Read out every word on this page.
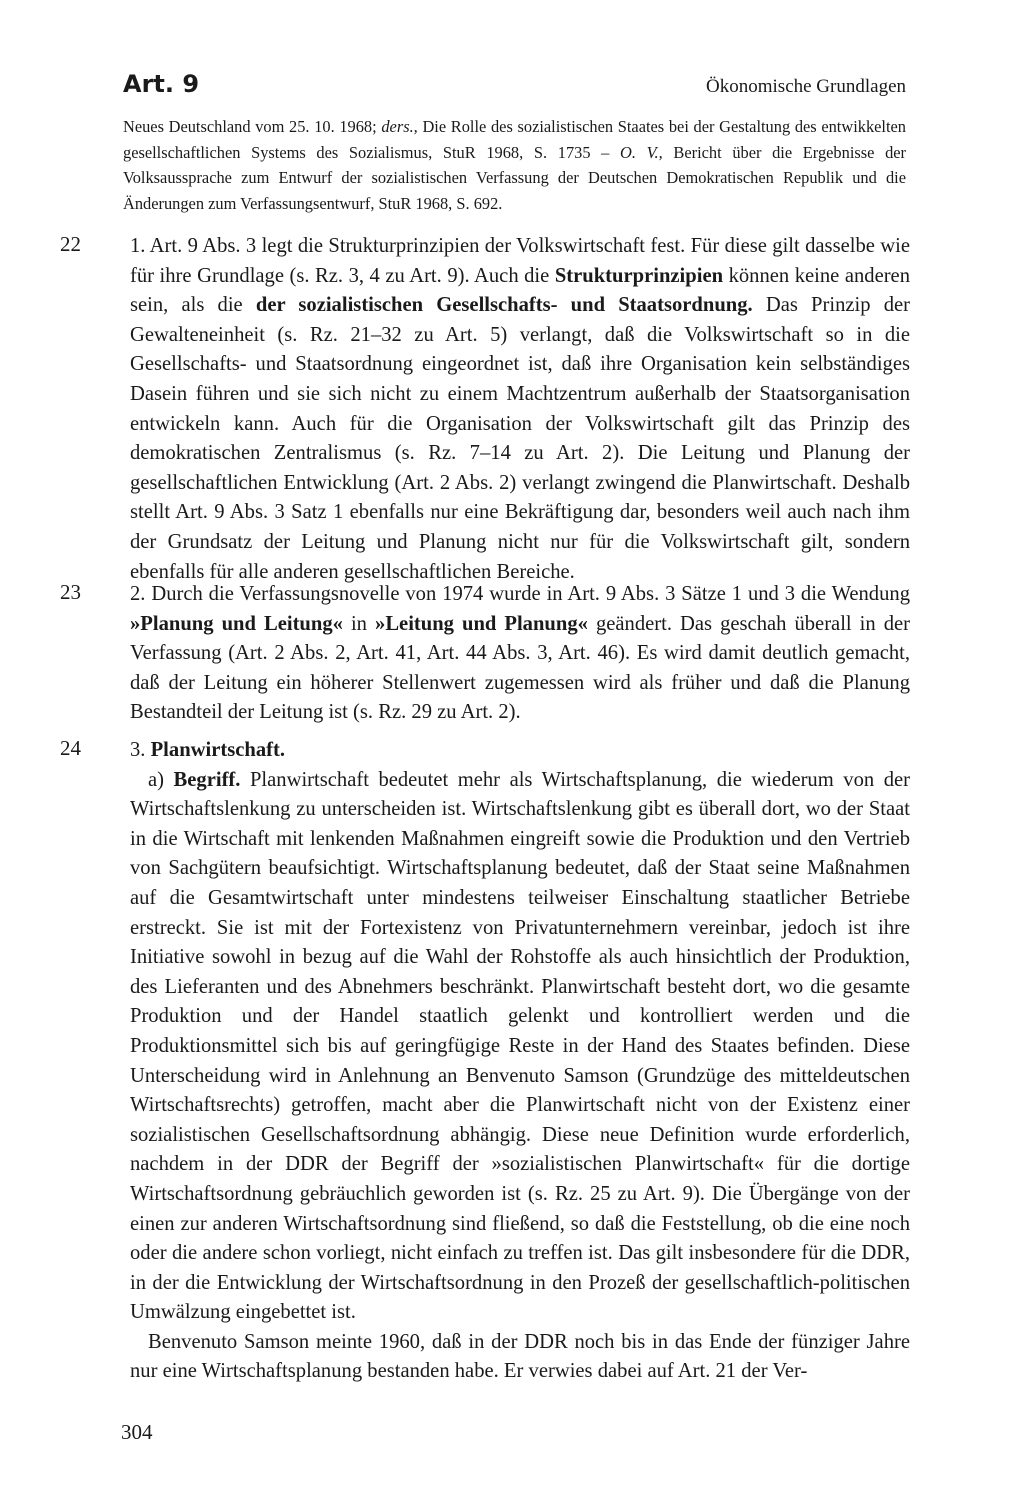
Art. 9	Ökonomische Grundlagen
Neues Deutschland vom 25. 10. 1968; ders., Die Rolle des sozialistischen Staates bei der Gestaltung des entwikkelten gesellschaftlichen Systems des Sozialismus, StuR 1968, S. 1735 – O. V., Bericht über die Ergebnisse der Volksaussprache zum Entwurf der sozialistischen Verfassung der Deutschen Demokratischen Republik und die Änderungen zum Verfassungsentwurf, StuR 1968, S. 692.
22 1. Art. 9 Abs. 3 legt die Strukturprinzipien der Volkswirtschaft fest. Für diese gilt dasselbe wie für ihre Grundlage (s. Rz. 3, 4 zu Art. 9). Auch die Strukturprinzipien können keine anderen sein, als die der sozialistischen Gesellschafts- und Staatsordnung. Das Prinzip der Gewalteneinheit (s. Rz. 21–32 zu Art. 5) verlangt, daß die Volkswirtschaft so in die Gesellschafts- und Staatsordnung eingeordnet ist, daß ihre Organisation kein selbständiges Dasein führen und sie sich nicht zu einem Machtzentrum außerhalb der Staatsorganisation entwickeln kann. Auch für die Organisation der Volkswirtschaft gilt das Prinzip des demokratischen Zentralismus (s. Rz. 7–14 zu Art. 2). Die Leitung und Planung der gesellschaftlichen Entwicklung (Art. 2 Abs. 2) verlangt zwingend die Planwirtschaft. Deshalb stellt Art. 9 Abs. 3 Satz 1 ebenfalls nur eine Bekräftigung dar, besonders weil auch nach ihm der Grundsatz der Leitung und Planung nicht nur für die Volkswirtschaft gilt, sondern ebenfalls für alle anderen gesellschaftlichen Bereiche.

23 2. Durch die Verfassungsnovelle von 1974 wurde in Art. 9 Abs. 3 Sätze 1 und 3 die Wendung »Planung und Leitung« in »Leitung und Planung« geändert. Das geschah überall in der Verfassung (Art. 2 Abs. 2, Art. 41, Art. 44 Abs. 3, Art. 46). Es wird damit deutlich gemacht, daß der Leitung ein höherer Stellenwert zugemessen wird als früher und daß die Planung Bestandteil der Leitung ist (s. Rz. 29 zu Art. 2).

24 3. Planwirtschaft.

a) Begriff. Planwirtschaft bedeutet mehr als Wirtschaftsplanung, die wiederum von der Wirtschaftslenkung zu unterscheiden ist. Wirtschaftslenkung gibt es überall dort, wo der Staat in die Wirtschaft mit lenkenden Maßnahmen eingreift sowie die Produktion und den Vertrieb von Sachgütern beaufsichtigt. Wirtschaftsplanung bedeutet, daß der Staat seine Maßnahmen auf die Gesamtwirtschaft unter mindestens teilweiser Einschaltung staatlicher Betriebe erstreckt. Sie ist mit der Fortexistenz von Privatunternehmern vereinbar, jedoch ist ihre Initiative sowohl in bezug auf die Wahl der Rohstoffe als auch hinsichtlich der Produktion, des Lieferanten und des Abnehmers beschränkt. Planwirtschaft besteht dort, wo die gesamte Produktion und der Handel staatlich gelenkt und kontrolliert werden und die Produktionsmittel sich bis auf geringfügige Reste in der Hand des Staates befinden. Diese Unterscheidung wird in Anlehnung an Benvenuto Samson (Grundzüge des mitteldeutschen Wirtschaftsrechts) getroffen, macht aber die Planwirtschaft nicht von der Existenz einer sozialistischen Gesellschaftsordnung abhängig. Diese neue Definition wurde erforderlich, nachdem in der DDR der Begriff der »sozialistischen Planwirtschaft« für die dortige Wirtschaftsordnung gebräuchlich geworden ist (s. Rz. 25 zu Art. 9). Die Übergänge von der einen zur anderen Wirtschaftsordnung sind fließend, so daß die Feststellung, ob die eine noch oder die andere schon vorliegt, nicht einfach zu treffen ist. Das gilt insbesondere für die DDR, in der die Entwicklung der Wirtschaftsordnung in den Prozeß der gesellschaftlich-politischen Umwälzung eingebettet ist.

Benvenuto Samson meinte 1960, daß in der DDR noch bis in das Ende der fünziger Jahre nur eine Wirtschaftsplanung bestanden habe. Er verwies dabei auf Art. 21 der Ver-

304
